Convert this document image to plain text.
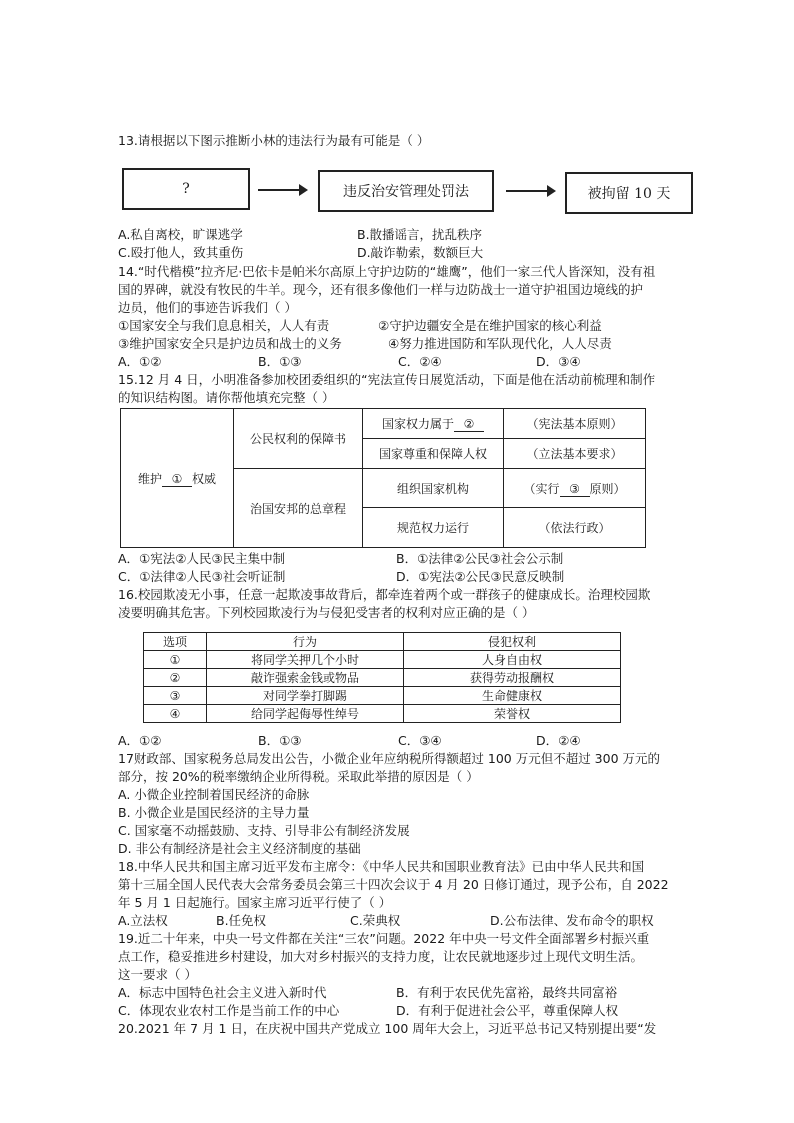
13.请根据以下图示推断小林的违法行为最有可能是（ ）
?	违反治安管理处罚法	被拘留 10 天
A.私自离校，旷课逃学	B.散播谣言，扰乱秩序
C.殴打他人，致其重伤	D.敲诈勒索，数额巨大
14.“时代楷模”拉齐尼·巴依卡是帕米尔高原上守护边防的“雄鹰”，他们一家三代人皆深知，没有祖
国的界碑，就没有牧民的牛羊。现今，还有很多像他们一样与边防战士一道守护祖国边境线的护
边员，他们的事迹告诉我们（ ）
①国家安全与我们息息相关，人人有责	②守护边疆安全是在维护国家的核心利益
③维护国家安全只是护边员和战士的义务	④努力推进国防和军队现代化，人人尽责
A．①②	B．①③	C．②④	D．③④
15.12 月 4 日，小明准备参加校团委组织的“宪法宣传日展览活动，下面是他在活动前梳理和制作
的知识结构图。请你帮他填充完整（ ）
维护 ① 权威	公民权利的保障书	国家权力属于 ②	（宪法基本原则）
		国家尊重和保障人权	（立法基本要求）
	治国安邦的总章程	组织国家机构	（实行 ③ 原则）
		规范权力运行	（依法行政）
A．①宪法②人民③民主集中制	B．①法律②公民③社会公示制
C．①法律②人民③社会听证制	D．①宪法②公民③民意反映制
16.校园欺凌无小事，任意一起欺凌事故背后，都牵连着两个或一群孩子的健康成长。治理校园欺
凌要明确其危害。下列校园欺凌行为与侵犯受害者的权利对应正确的是（ ）
选项	行为	侵犯权利
①	将同学关押几个小时	人身自由权
②	敲诈强索金钱或物品	获得劳动报酬权
③	对同学拳打脚踢	生命健康权
④	给同学起侮辱性绰号	荣誉权
A．①②	B．①③	C．③④	D．②④
17财政部、国家税务总局发出公告，小微企业年应纳税所得额超过 100 万元但不超过 300 万元的
部分，按 20%的税率缴纳企业所得税。采取此举措的原因是（ ）
A. 小微企业控制着国民经济的命脉
B. 小微企业是国民经济的主导力量
C. 国家毫不动摇鼓励、支持、引导非公有制经济发展
D. 非公有制经济是社会主义经济制度的基础
18.中华人民共和国主席习近平发布主席令：《中华人民共和国职业教育法》已由中华人民共和国
第十三届全国人民代表大会常务委员会第三十四次会议于 4 月 20 日修订通过，现予公布，自 2022
年 5 月 1 日起施行。国家主席习近平行使了（ ）
A.立法权	B.任免权	C.荣典权	D.公布法律、发布命令的职权
19.近二十年来，中央一号文件都在关注“三农”问题。2022 年中央一号文件全面部署乡村振兴重
点工作，稳妥推进乡村建设，加大对乡村振兴的支持力度，让农民就地逐步过上现代文明生活。
这一要求（ ）
A．标志中国特色社会主义进入新时代	B．有利于农民优先富裕，最终共同富裕
C．体现农业农村工作是当前工作的中心	D．有利于促进社会公平，尊重保障人权
20.2021 年 7 月 1 日，在庆祝中国共产党成立 100 周年大会上，习近平总书记又特别提出要“发
